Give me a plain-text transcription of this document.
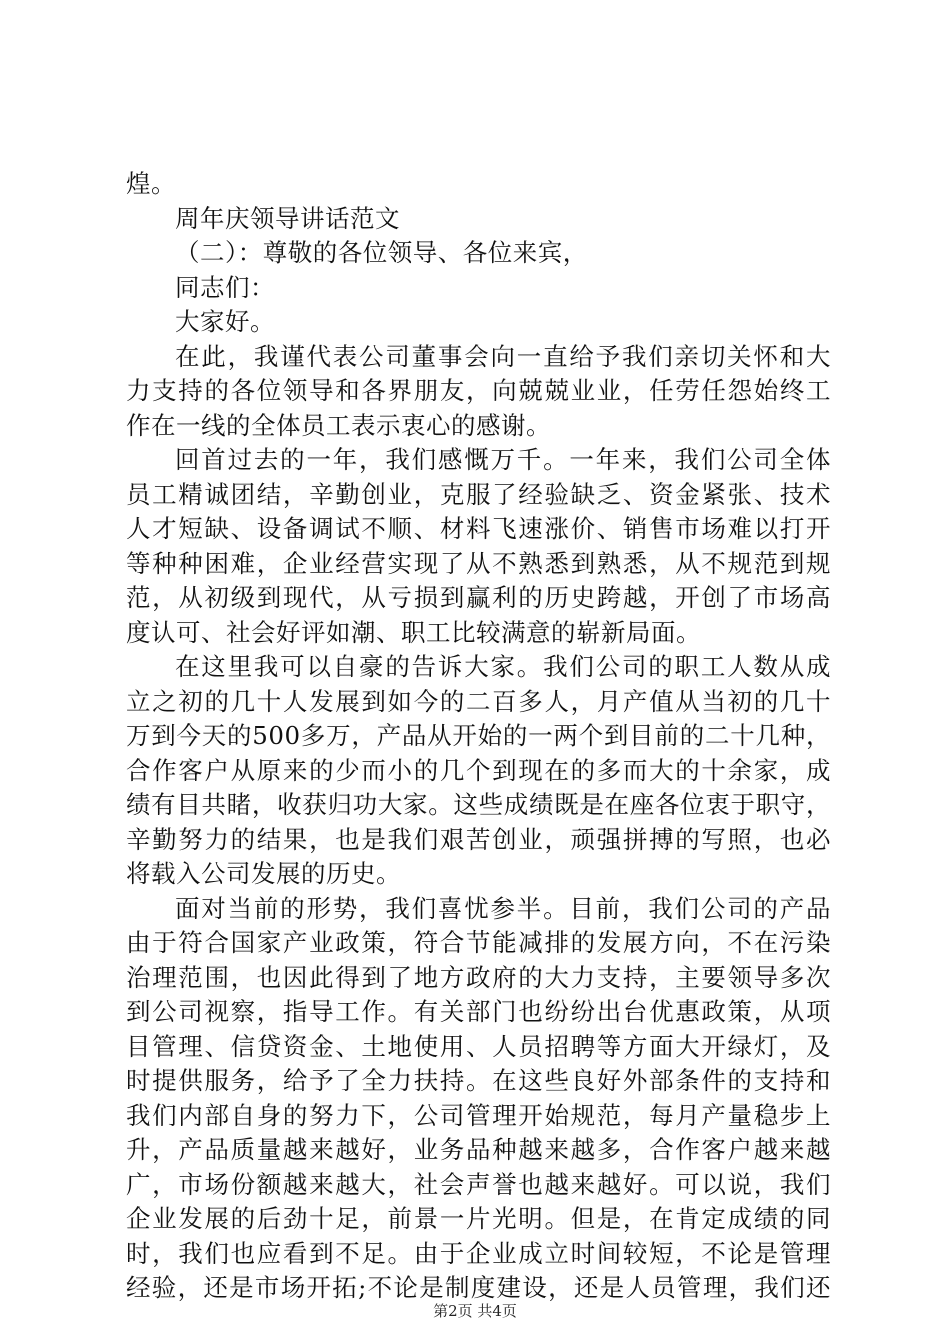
煌。
周年庆领导讲话范文
（二）：尊敬的各位领导、各位来宾，
同志们：
大家好。
在此，我谨代表公司董事会向一直给予我们亲切关怀和大
力支持的各位领导和各界朋友，向兢兢业业，任劳任怨始终工
作在一线的全体员工表示衷心的感谢。
回首过去的一年，我们感慨万千。一年来，我们公司全体
员工精诚团结，辛勤创业，克服了经验缺乏、资金紧张、技术
人才短缺、设备调试不顺、材料飞速涨价、销售市场难以打开
等种种困难，企业经营实现了从不熟悉到熟悉，从不规范到规
范，从初级到现代，从亏损到赢利的历史跨越，开创了市场高
度认可、社会好评如潮、职工比较满意的崭新局面。
在这里我可以自豪的告诉大家。我们公司的职工人数从成
立之初的几十人发展到如今的二百多人，月产值从当初的几十
万到今天的500多万，产品从开始的一两个到目前的二十几种，
合作客户从原来的少而小的几个到现在的多而大的十余家，成
绩有目共睹，收获归功大家。这些成绩既是在座各位衷于职守，
辛勤努力的结果，也是我们艰苦创业，顽强拼搏的写照，也必
将载入公司发展的历史。
面对当前的形势，我们喜忧参半。目前，我们公司的产品
由于符合国家产业政策，符合节能减排的发展方向，不在污染
治理范围，也因此得到了地方政府的大力支持，主要领导多次
到公司视察，指导工作。有关部门也纷纷出台优惠政策，从项
目管理、信贷资金、土地使用、人员招聘等方面大开绿灯，及
时提供服务，给予了全力扶持。在这些良好外部条件的支持和
我们内部自身的努力下，公司管理开始规范，每月产量稳步上
升，产品质量越来越好，业务品种越来越多，合作客户越来越
广，市场份额越来越大，社会声誉也越来越好。可以说，我们
企业发展的后劲十足，前景一片光明。但是，在肯定成绩的同
时，我们也应看到不足。由于企业成立时间较短，不论是管理
经验，还是市场开拓;不论是制度建设，还是人员管理，我们还
第2页 共4页
